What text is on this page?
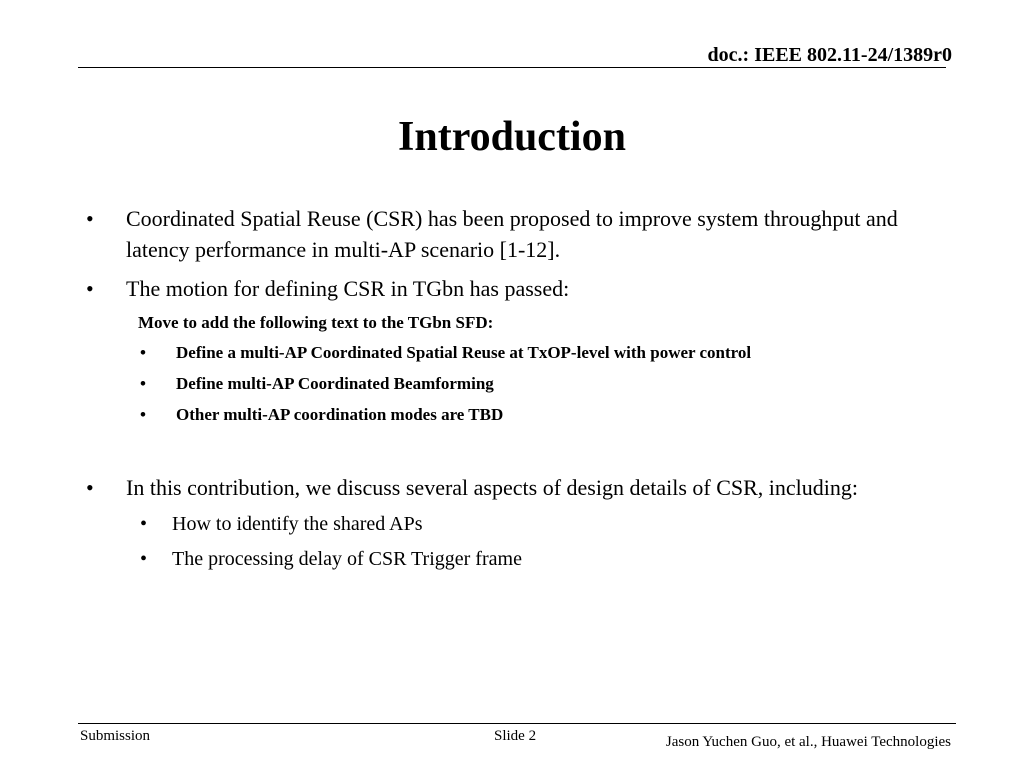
doc.: IEEE 802.11-24/1389r0
Introduction
• Coordinated Spatial Reuse (CSR) has been proposed to improve system throughput and latency performance in multi-AP scenario [1-12].
• The motion for defining CSR in TGbn has passed:
Move to add the following text to the TGbn SFD:
• Define a multi-AP Coordinated Spatial Reuse at TxOP-level with power control
• Define multi-AP Coordinated Beamforming
• Other multi-AP coordination modes are TBD
• In this contribution, we discuss several aspects of design details of CSR, including:
• How to identify the shared APs
• The processing delay of CSR Trigger frame
Submission	Slide 2	Jason Yuchen Guo, et al., Huawei Technologies
